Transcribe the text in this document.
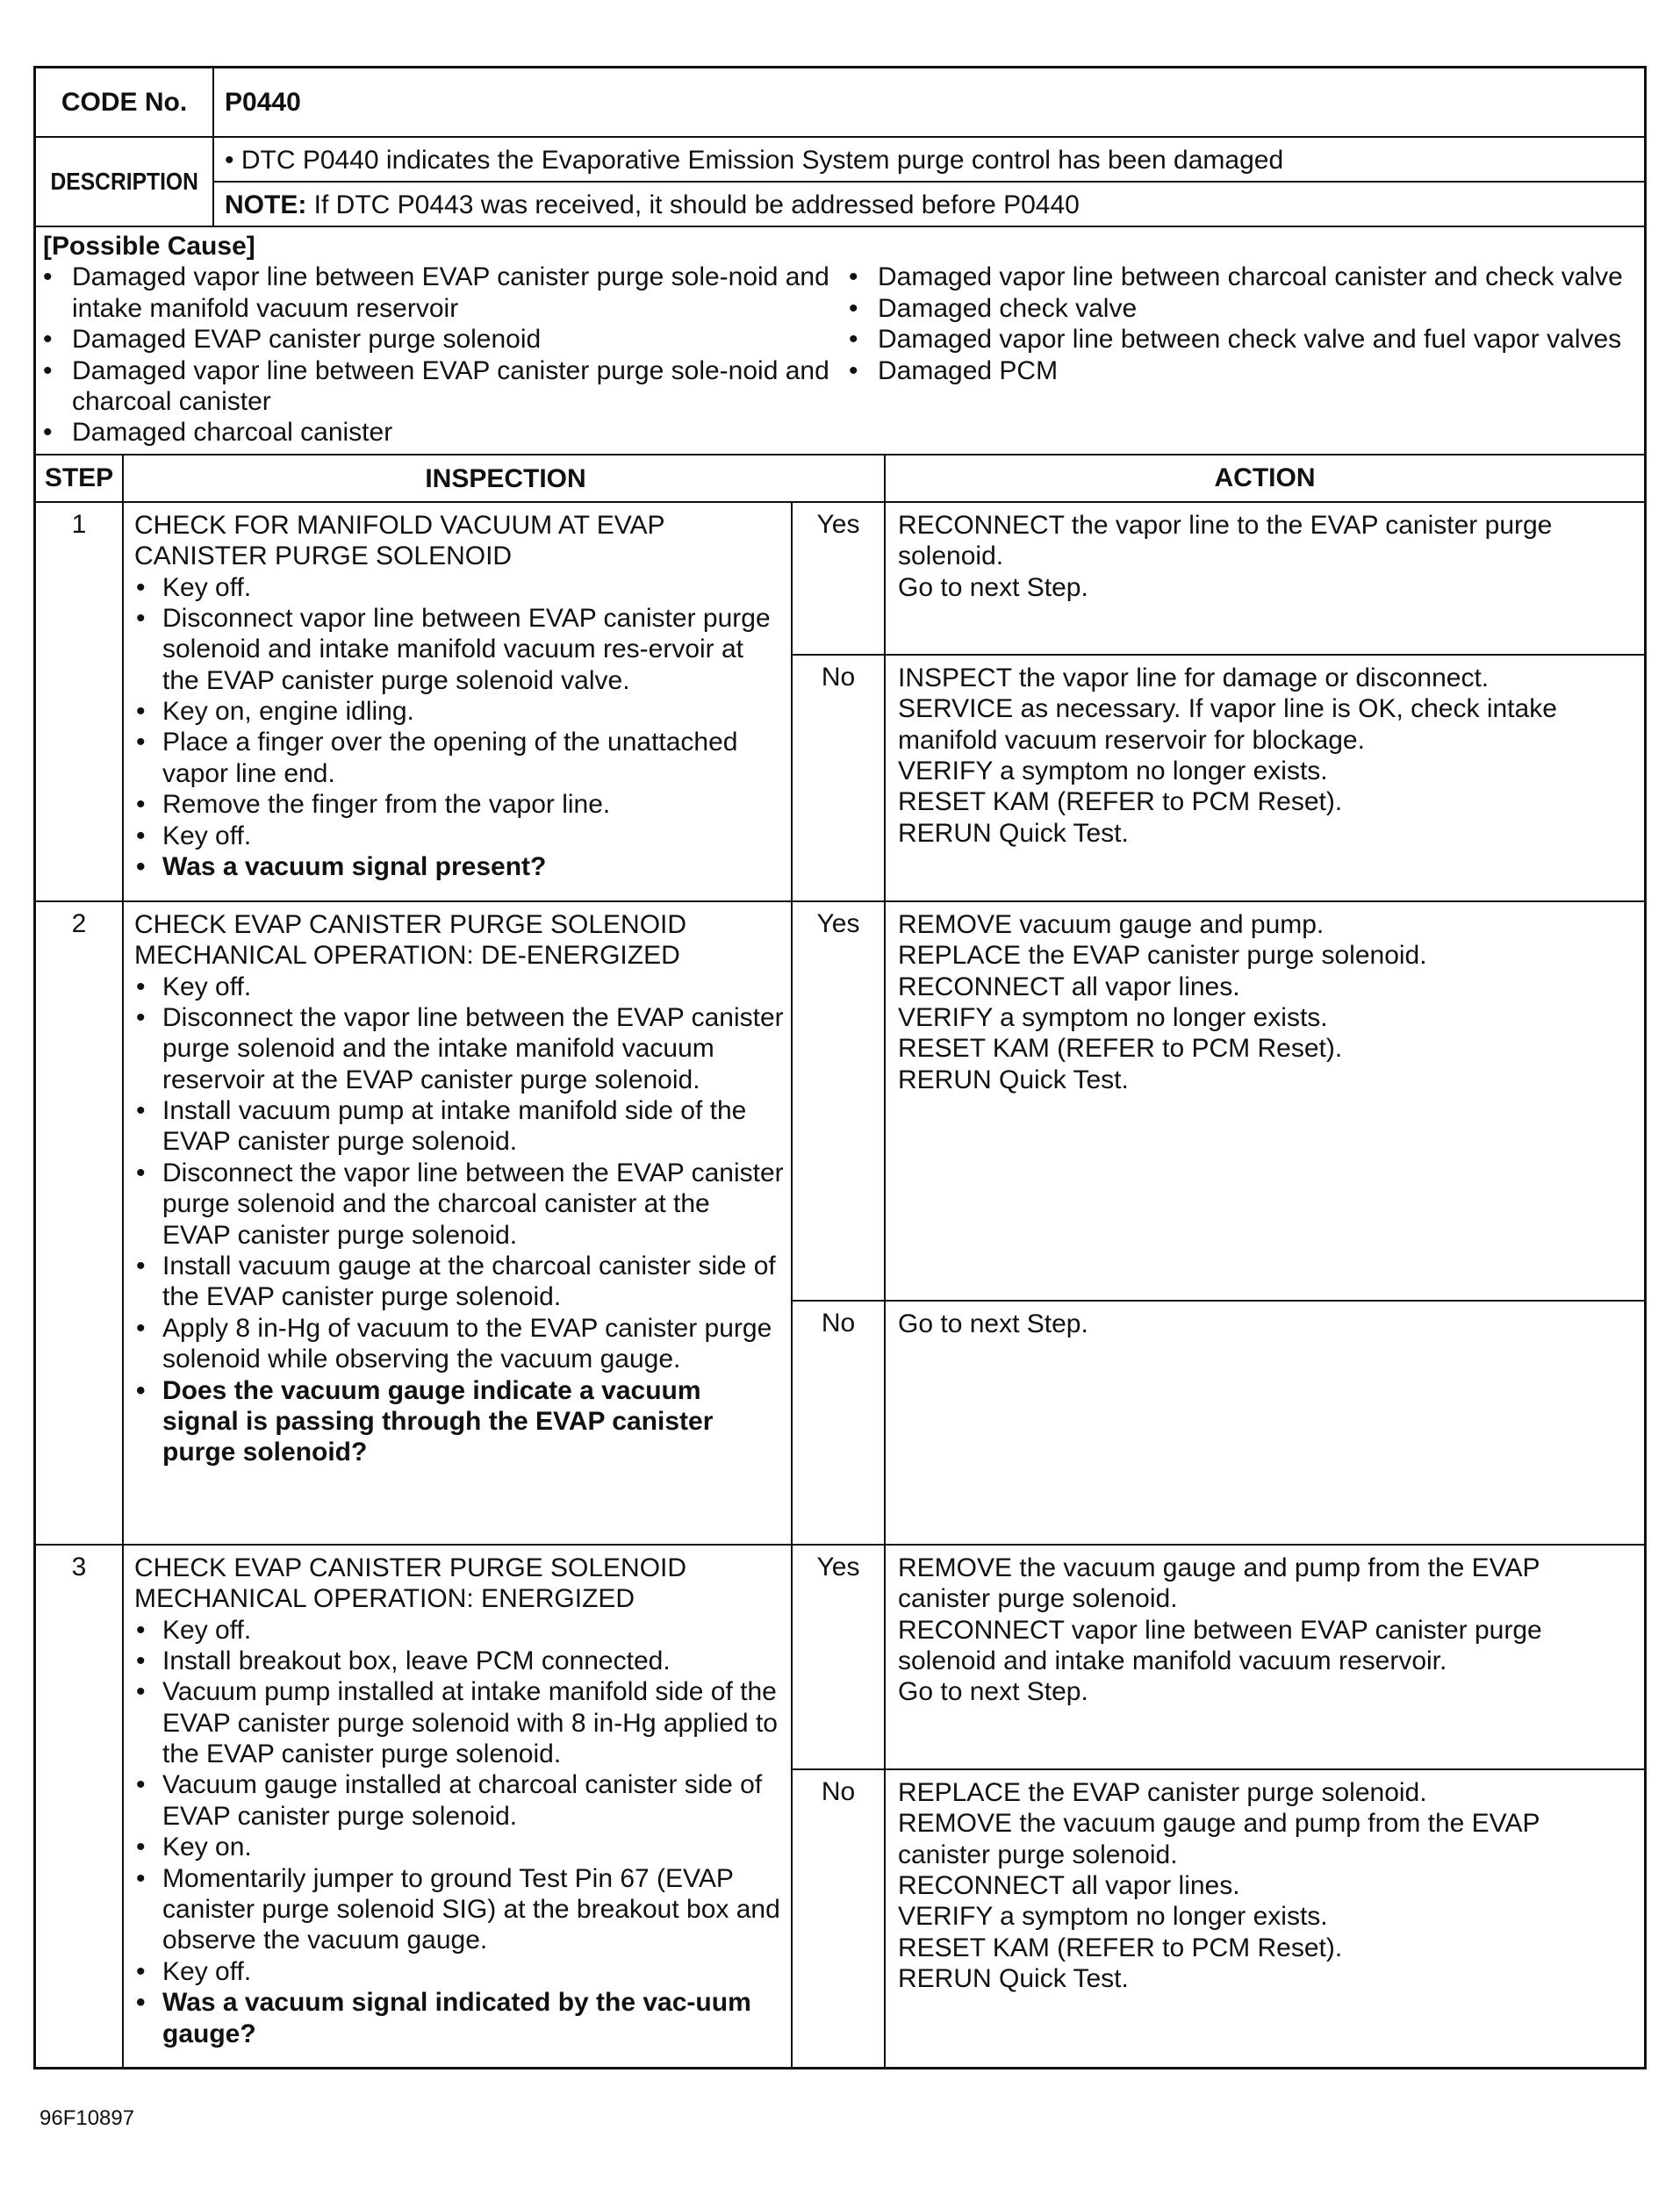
CODE No.	P0440
DESCRIPTION
• DTC P0440 indicates the Evaporative Emission System purge control has been damaged
NOTE: If DTC P0443 was received, it should be addressed before P0440
[Possible Cause]
• Damaged vapor line between EVAP canister purge sole-noid and intake manifold vacuum reservoir
• Damaged EVAP canister purge solenoid
• Damaged vapor line between EVAP canister purge sole-noid and charcoal canister
• Damaged charcoal canister
• Damaged vapor line between charcoal canister and check valve
• Damaged check valve
• Damaged vapor line between check valve and fuel vapor valves
• Damaged PCM
STEP	INSPECTION	ACTION
1	CHECK FOR MANIFOLD VACUUM AT EVAP CANISTER PURGE SOLENOID
• Key off.
• Disconnect vapor line between EVAP canister purge solenoid and intake manifold vacuum res-ervoir at the EVAP canister purge solenoid valve.
• Key on, engine idling.
• Place a finger over the opening of the unattached vapor line end.
• Remove the finger from the vapor line.
• Key off.
• Was a vacuum signal present?
Yes	RECONNECT the vapor line to the EVAP canister purge solenoid.
Go to next Step.
No	INSPECT the vapor line for damage or disconnect.
SERVICE as necessary. If vapor line is OK, check intake manifold vacuum reservoir for blockage.
VERIFY a symptom no longer exists.
RESET KAM (REFER to PCM Reset).
RERUN Quick Test.
2	CHECK EVAP CANISTER PURGE SOLENOID MECHANICAL OPERATION: DE-ENERGIZED
• Key off.
• Disconnect the vapor line between the EVAP canister purge solenoid and the intake manifold vacuum reservoir at the EVAP canister purge solenoid.
• Install vacuum pump at intake manifold side of the EVAP canister purge solenoid.
• Disconnect the vapor line between the EVAP canister purge solenoid and the charcoal canister at the EVAP canister purge solenoid.
• Install vacuum gauge at the charcoal canister side of the EVAP canister purge solenoid.
• Apply 8 in-Hg of vacuum to the EVAP canister purge solenoid while observing the vacuum gauge.
• Does the vacuum gauge indicate a vacuum signal is passing through the EVAP canister purge solenoid?
Yes	REMOVE vacuum gauge and pump.
REPLACE the EVAP canister purge solenoid.
RECONNECT all vapor lines.
VERIFY a symptom no longer exists.
RESET KAM (REFER to PCM Reset).
RERUN Quick Test.
No	Go to next Step.
3	CHECK EVAP CANISTER PURGE SOLENOID MECHANICAL OPERATION: ENERGIZED
• Key off.
• Install breakout box, leave PCM connected.
• Vacuum pump installed at intake manifold side of the EVAP canister purge solenoid with 8 in-Hg applied to the EVAP canister purge solenoid.
• Vacuum gauge installed at charcoal canister side of EVAP canister purge solenoid.
• Key on.
• Momentarily jumper to ground Test Pin 67 (EVAP canister purge solenoid SIG) at the breakout box and observe the vacuum gauge.
• Key off.
• Was a vacuum signal indicated by the vac-uum gauge?
Yes	REMOVE the vacuum gauge and pump from the EVAP canister purge solenoid.
RECONNECT vapor line between EVAP canister purge solenoid and intake manifold vacuum reservoir.
Go to next Step.
No	REPLACE the EVAP canister purge solenoid.
REMOVE the vacuum gauge and pump from the EVAP canister purge solenoid.
RECONNECT all vapor lines.
VERIFY a symptom no longer exists.
RESET KAM (REFER to PCM Reset).
RERUN Quick Test.
96F10897
